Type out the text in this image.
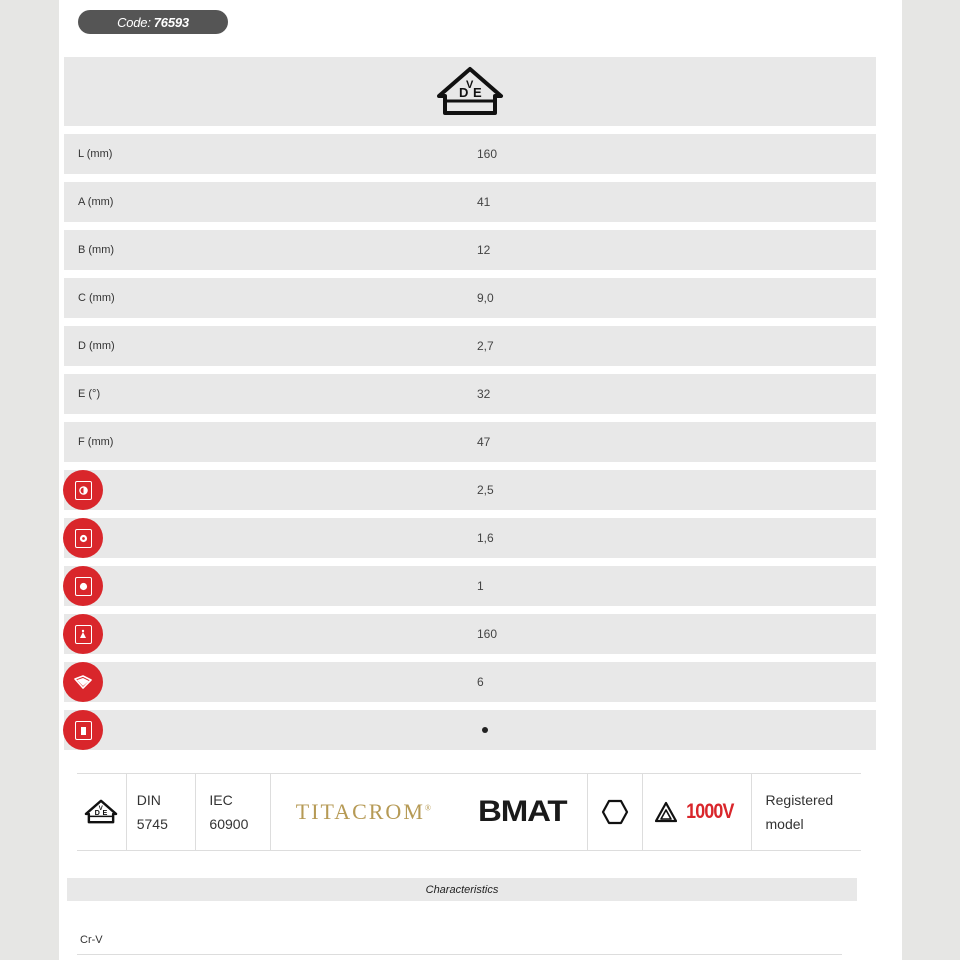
Code: 76593
D
V E
L (mm)	160
A (mm)	41
B (mm)	12
C (mm)	9,0
D (mm)	2,7
E (°)	32
F (mm)	47
2,5
1,6
1
160
6
D
V E
DIN
5745
IEC
60900 TITACROM® BMAT	1000V Registered
model
Characteristics
Cr-V
